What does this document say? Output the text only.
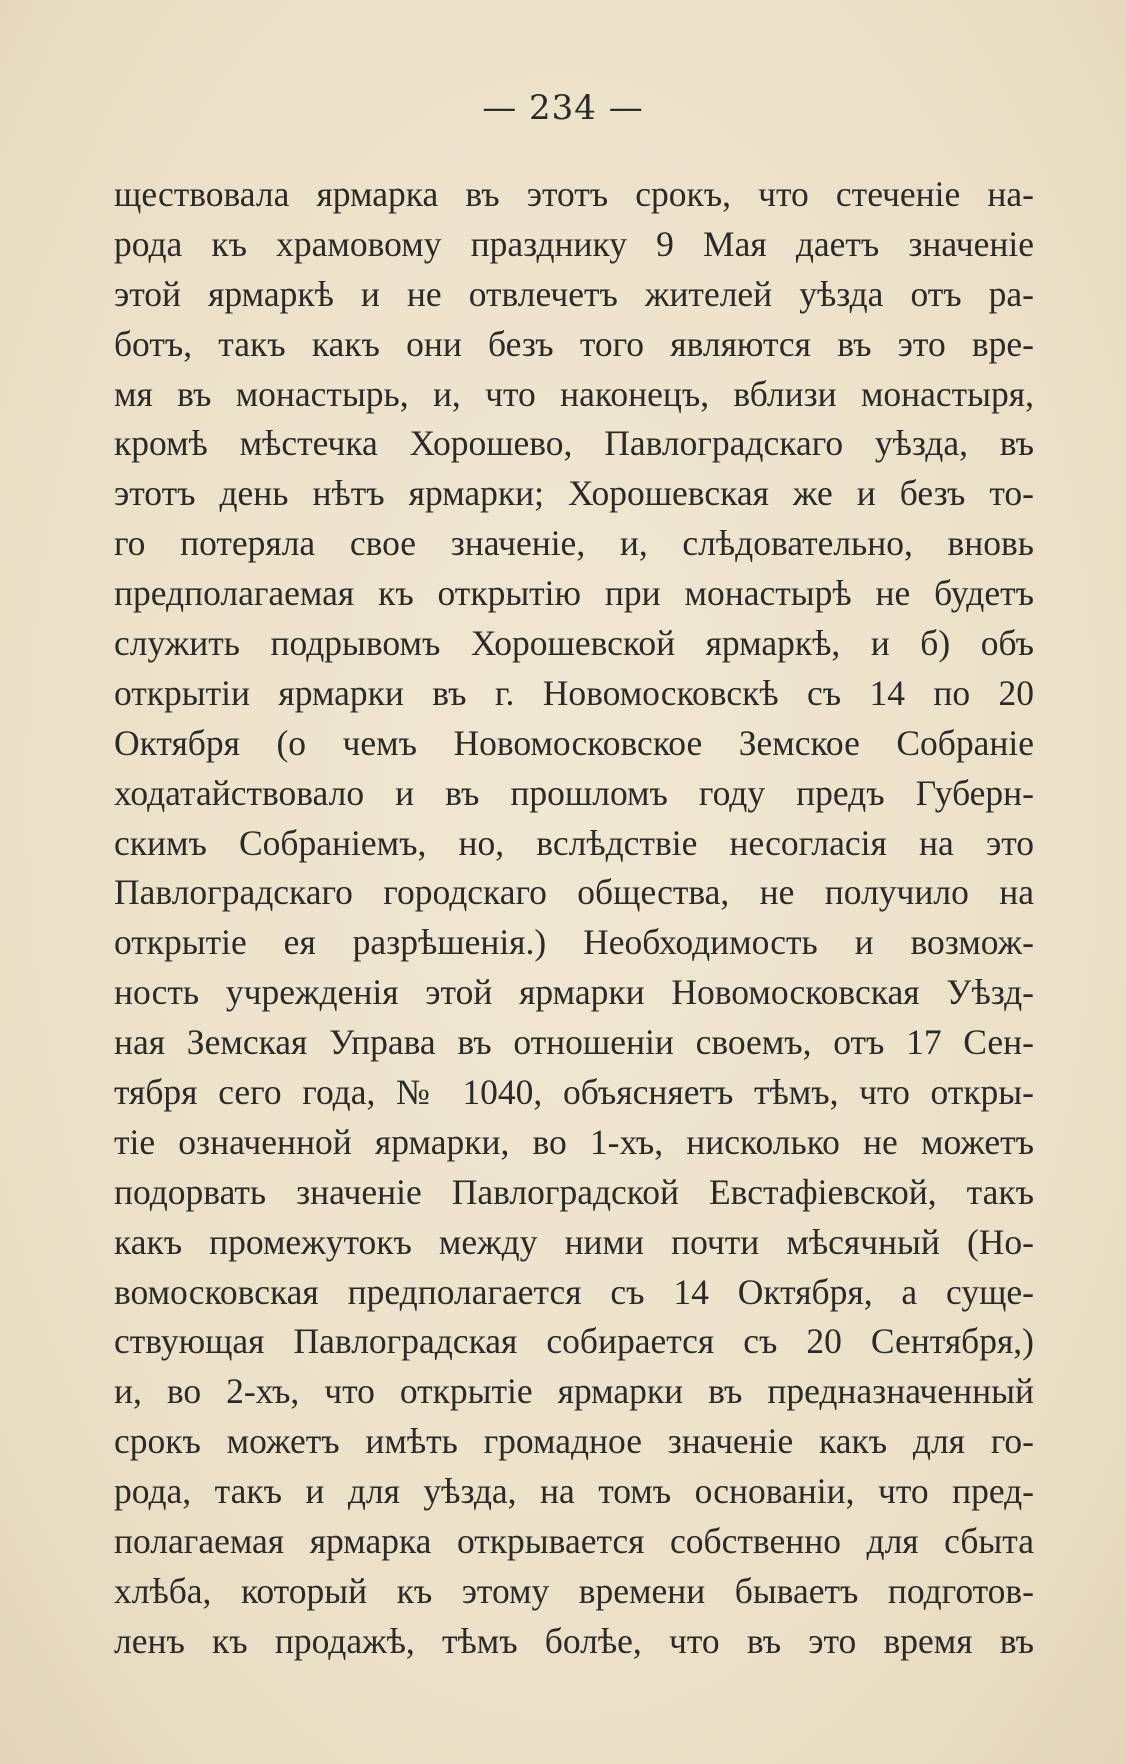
— 234 —
ществовала ярмарка въ этотъ срокъ, что стеченіе на-
рода къ храмовому празднику 9 Мая даетъ значеніе
этой ярмаркѣ и не отвлечетъ жителей уѣзда отъ ра-
ботъ, такъ какъ они безъ того являются въ это вре-
мя въ монастырь, и, что наконецъ, вблизи монастыря,
кромѣ мѣстечка Хорошево, Павлоградскаго уѣзда, въ
этотъ день нѣтъ ярмарки; Хорошевская же и безъ то-
го потеряла свое значеніе, и, слѣдовательно, вновь
предполагаемая къ открытію при монастырѣ не будетъ
служить подрывомъ Хорошевской ярмаркѣ, и б) объ
открытіи ярмарки въ г. Новомосковскѣ съ 14 по 20
Октября (о чемъ Новомосковское Земское Собраніе
ходатайствовало и въ прошломъ году предъ Губерн-
скимъ Собраніемъ, но, вслѣдствіе несогласія на это
Павлоградскаго городскаго общества, не получило на
открытіе ея разрѣшенія.) Необходимость и возмож-
ность учрежденія этой ярмарки Новомосковская Уѣзд-
ная Земская Управа въ отношеніи своемъ, отъ 17 Сен-
тября сего года, № 1040, объясняетъ тѣмъ, что откры-
тіе означенной ярмарки, во 1-хъ, нисколько не можетъ
подорвать значеніе Павлоградской Евстафіевской, такъ
какъ промежутокъ между ними почти мѣсячный (Но-
вомосковская предполагается съ 14 Октября, а суще-
ствующая Павлоградская собирается съ 20 Сентября,)
и, во 2-хъ, что открытіе ярмарки въ предназначенный
срокъ можетъ имѣть громадное значеніе какъ для го-
рода, такъ и для уѣзда, на томъ основаніи, что пред-
полагаемая ярмарка открывается собственно для сбыта
хлѣба, который къ этому времени бываетъ подготов-
ленъ къ продажѣ, тѣмъ болѣе, что въ это время въ
